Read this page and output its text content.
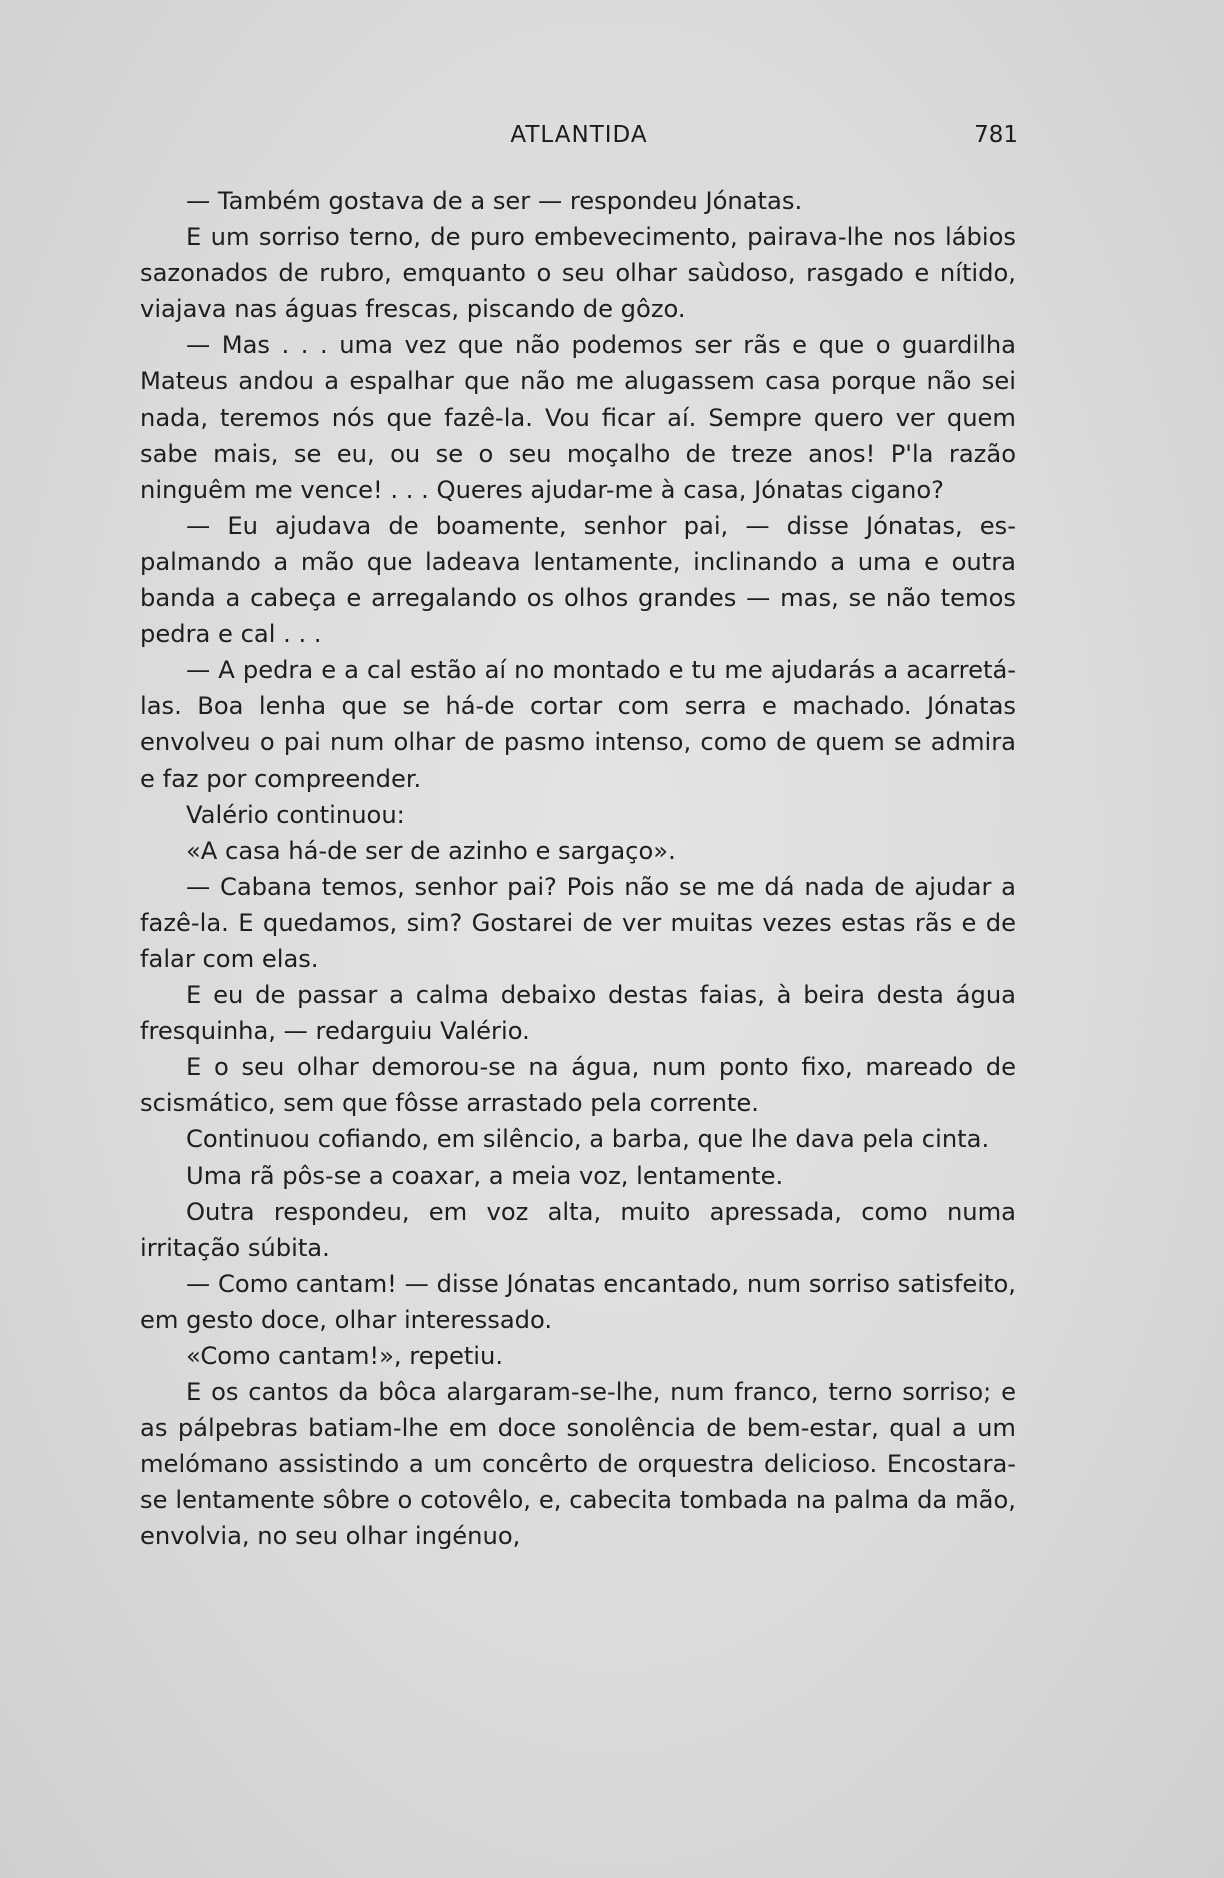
ATLANTIDA	781

— Também gostava de a ser — respondeu Jónatas.

E um sorriso terno, de puro embevecimento, pairava-lhe nos lábios sazonados de rubro, emquanto o seu olhar saùdoso, rasgado e nítido, viajava nas águas frescas, piscando de gôzo.

— Mas . . . uma vez que não podemos ser rãs e que o guardilha Mateus andou a espalhar que não me alugassem casa porque não sei nada, teremos nós que fazê-la. Vou ficar aí. Sempre quero ver quem sabe mais, se eu, ou se o seu moçalho de treze anos! P'la razão ninguêm me vence! . . . Queres ajudar-me à casa, Jónatas cigano?

— Eu ajudava de boamente, senhor pai, — disse Jónatas, espalmando a mão que ladeava lentamente, inclinando a uma e outra banda a cabeça e arregalando os olhos grandes — mas, se não temos pedra e cal . . .

— A pedra e a cal estão aí no montado e tu me ajudarás a acarretá-las. Boa lenha que se há-de cortar com serra e machado. Jónatas envolveu o pai num olhar de pasmo intenso, como de quem se admira e faz por compreender.

Valério continuou:

«A casa há-de ser de azinho e sargaço».

— Cabana temos, senhor pai? Pois não se me dá nada de ajudar a fazê-la. E quedamos, sim? Gostarei de ver muitas vezes estas rãs e de falar com elas.

E eu de passar a calma debaixo destas faias, à beira desta água fresquinha, — redarguiu Valério.

E o seu olhar demorou-se na água, num ponto fixo, mareado de scismático, sem que fôsse arrastado pela corrente.

Continuou cofiando, em silêncio, a barba, que lhe dava pela cinta.

Uma rã pôs-se a coaxar, a meia voz, lentamente.

Outra respondeu, em voz alta, muito apressada, como numa irritação súbita.

— Como cantam! — disse Jónatas encantado, num sorriso satisfeito, em gesto doce, olhar interessado.

«Como cantam!», repetiu.

E os cantos da bôca alargaram-se-lhe, num franco, terno sorriso; e as pálpebras batiam-lhe em doce sonolência de bem-estar, qual a um melómano assistindo a um concêrto de orquestra delicioso. Encostara-se lentamente sôbre o cotovêlo, e, cabecita tombada na palma da mão, envolvia, no seu olhar ingénuo,
